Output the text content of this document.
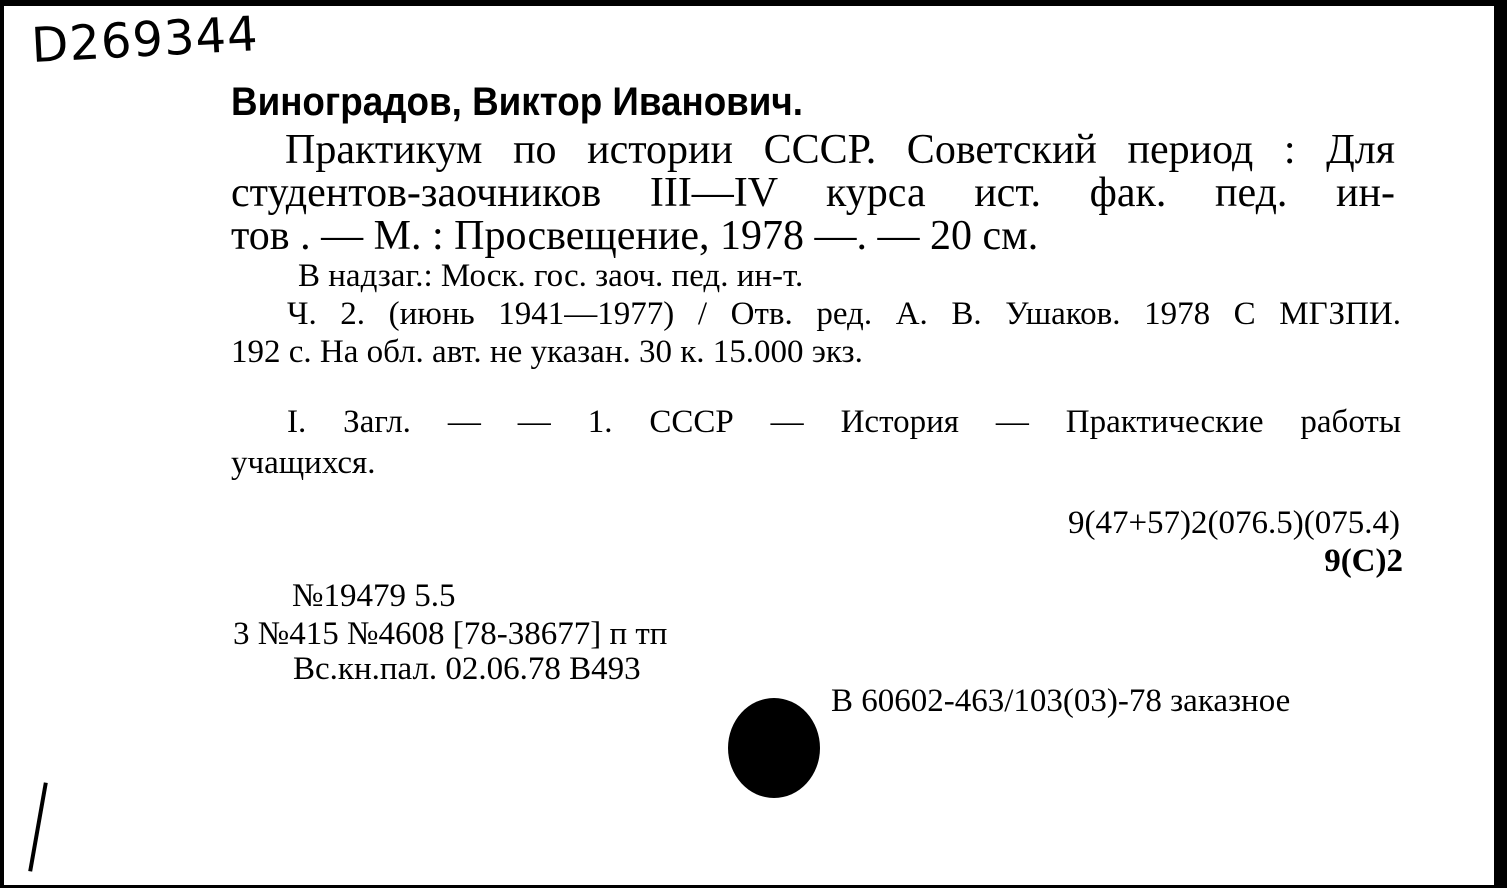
D269344
Виноградов, Виктор Иванович.
Практикум по истории СССР. Советский период : Для
студентов-заочников III—IV курса ист. фак. пед. ин-
тов . — М. : Просвещение, 1978 —. — 20 см.
В надзаг.: Моск. гос. заоч. пед. ин-т.
Ч. 2. (июнь 1941—1977) / Отв. ред. А. В. Ушаков. 1978 С МГЗПИ.
192 с. На обл. авт. не указан. 30 к. 15.000 экз.
I. Загл. — — 1. СССР — История — Практические работы
учащихся.
9(47+57)2(076.5)(075.4)
9(С)2
№19479 5.5
3 №415 №4608 [78-38677] п тп
Вс.кн.пал. 02.06.78 В493
В 60602-463/103(03)-78 заказное
